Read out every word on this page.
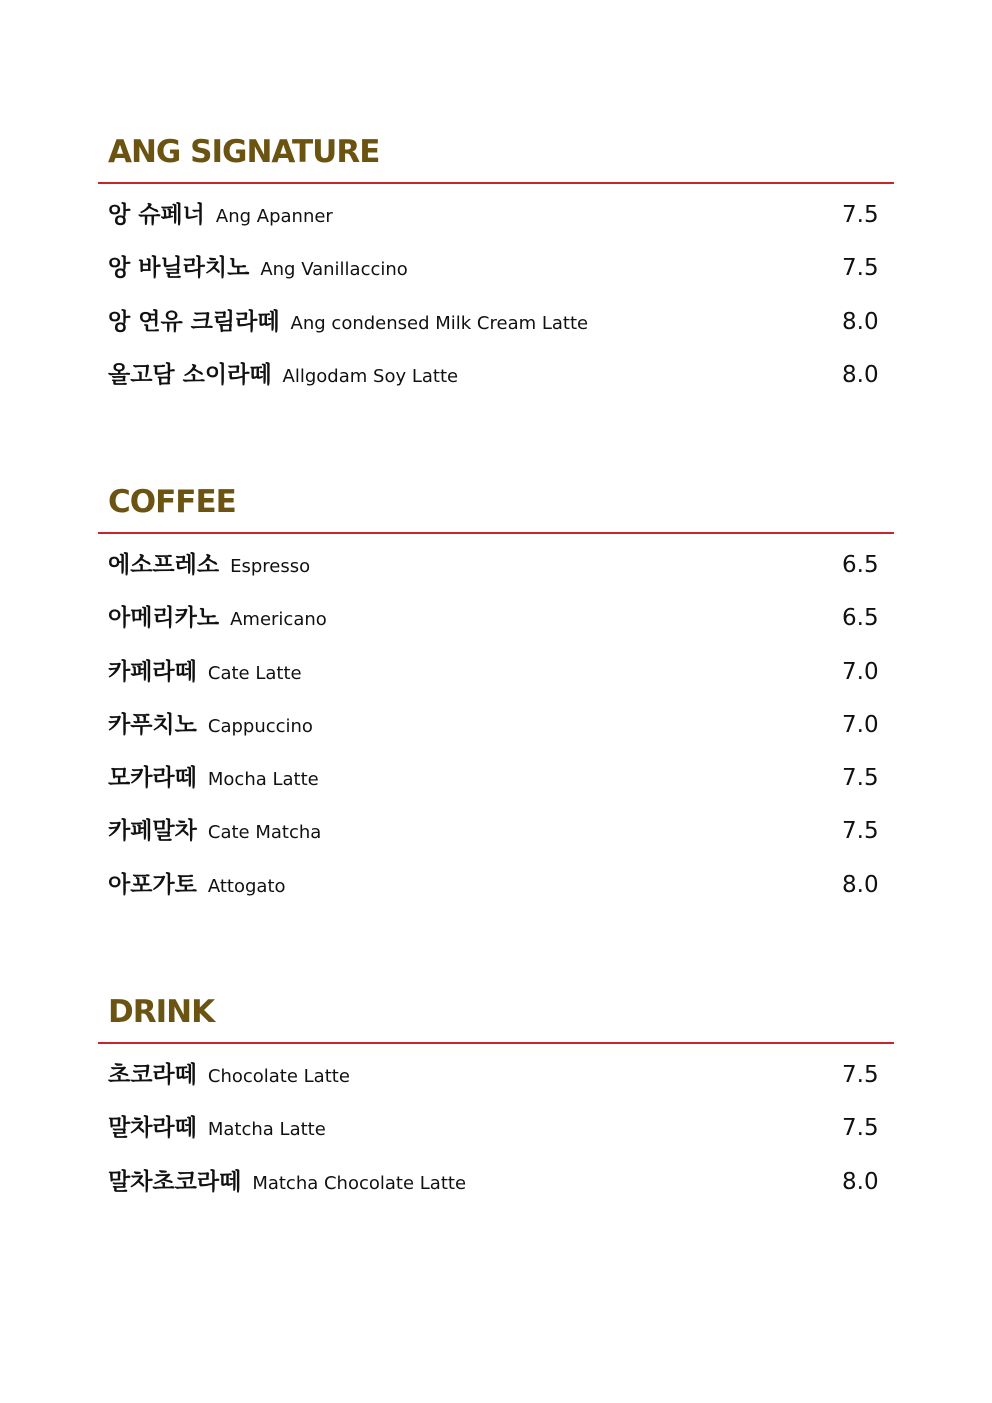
ANG SIGNATURE
앙 슈페너 Ang Apanner	7.5
앙 바닐라치노 Ang Vanillaccino	7.5
앙 연유 크림라떼 Ang condensed Milk Cream Latte	8.0
올고담 소이라떼 Allgodam Soy Latte	8.0
COFFEE
에소프레소 Espresso	6.5
아메리카노 Americano	6.5
카페라떼 Cate Latte	7.0
카푸치노 Cappuccino	7.0
모카라떼 Mocha Latte	7.5
카페말차 Cate Matcha	7.5
아포가토 Attogato	8.0
DRINK
초코라떼 Chocolate Latte	7.5
말차라떼 Matcha Latte	7.5
말차초코라떼 Matcha Chocolate Latte	8.0
